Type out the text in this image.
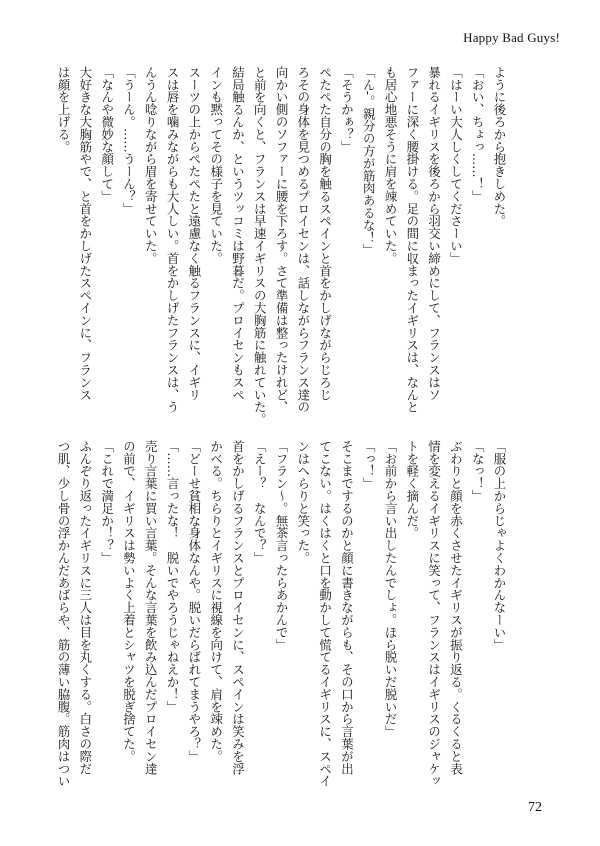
Happy Bad Guys!

ように後ろから抱きしめた。

「おい、ちょっ……！」

「はーい大人しくしてくださーい」

暴れるイギリスを後ろから羽交い締めにして、フランスはソ

ファーに深く腰掛ける。足の間に収まったイギリスは、なんと

も居心地悪そうに肩を竦めていた。

「ん-。親分の方が筋肉あるな！」

「そうかぁ？」

ぺたぺた自分の胸を触るスペインと首をかしげながらじろじ

ろその身体を見つめるプロイセンは、話しながらフランス達の

向かい側のソファーに腰を下ろす。さて準備は整ったけれど、

と前を向くと、フランスは早速イギリスの大胸筋に触れていた。

結局触るんか、というツッコミは野暮だ。プロイセンもスペ

インも黙ってその様子を見ていた。

スーツの上からぺたぺたと遠慮なく触るフランスに、イギリ

スは唇を噛みながらも大人しい。首をかしげたフランスは、う

んうん唸りながら眉を寄せていた。

「うーん。……うーん？」

「なんや微妙な顔して」

大好きな大胸筋やで、と首をかしげたスペインに、フランス

は顔を上げる。

「服の上からじゃよくわかんなーい」

「なっ！」

ぶわりと顔を赤くさせたイギリスが振り返る。くるくると表

情を変えるイギリスに笑って、フランスはイギリスのジャケッ

トを軽く摘んだ。

「お前から言い出したんでしょ。ほら脱いだ脱いだ」

「っ！」

そこまでするのかと顔に書きながらも、その口から言葉が出

てこない。はくはくと口を動かして慌てるイギリスに、スペイ

ンはへらりと笑った。

「フラン〜。無茶言ったらあかんで」

「えー？　なんで？」

首をかしげるフランスとプロイセンに、スペインは笑みを浮

かべる。ちらりとイギリスに視線を向けて、肩を竦めた。

「どーせ貧相な身体なんや。脱いだらばれてまうやろ？」

「……言ったな！　脱いでやろうじゃねえか！」

売り言葉に買い言葉。そんな言葉を飲み込んだプロイセン達

の前で、イギリスは勢いよく上着とシャツを脱ぎ捨てた。

「これで満足か！？」

ふんぞり返ったイギリスに三人は目を丸くする。白さの際だ

つ肌、少し骨の浮かんだあばらや、筋の薄い脇腹。筋肉はつい

72
